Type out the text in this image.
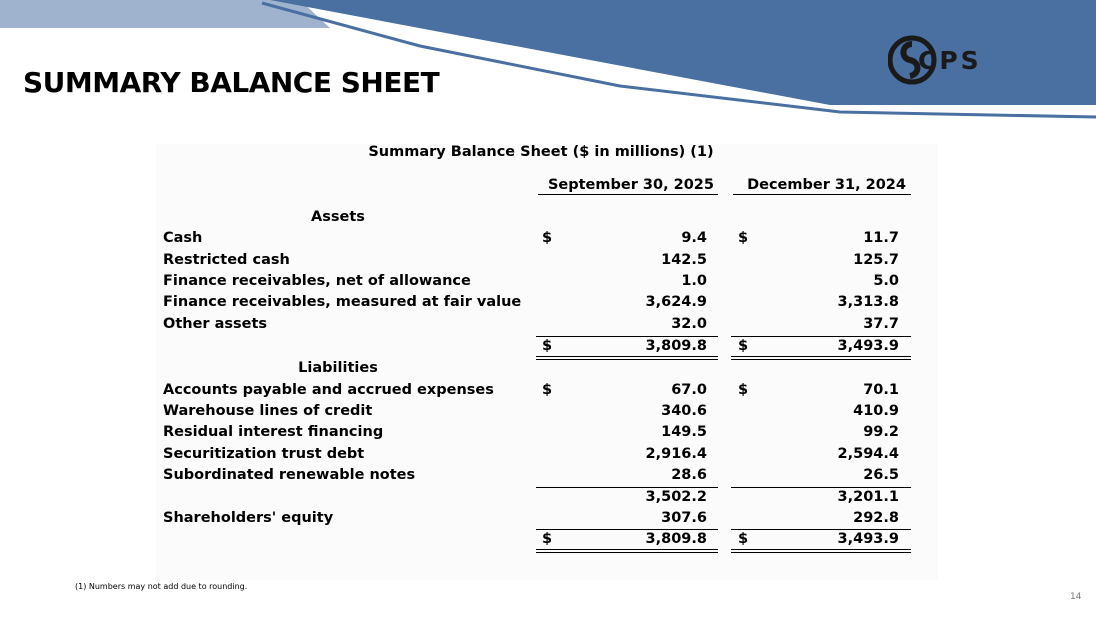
CPS
SUMMARY BALANCE SHEET
Summary Balance Sheet ($ in millions) (1)
September 30, 2025	December 31, 2024
Assets
Cash	$	9.4 $	11.7
Restricted cash	142.5	125.7
Finance receivables, net of allowance	1.0	5.0
Finance receivables, measured at fair value	3,624.9	3,313.8
Other assets	32.0	37.7
$	3,809.8 $	3,493.9
Liabilities
Accounts payable and accrued expenses	$	67.0 $	70.1
Warehouse lines of credit	340.6	410.9
Residual interest financing	149.5	99.2
Securitization trust debt	2,916.4	2,594.4
Subordinated renewable notes	28.6	26.5
3,502.2	3,201.1
Shareholders' equity	307.6	292.8
$	3,809.8 $	3,493.9
(1) Numbers may not add due to rounding.
14
